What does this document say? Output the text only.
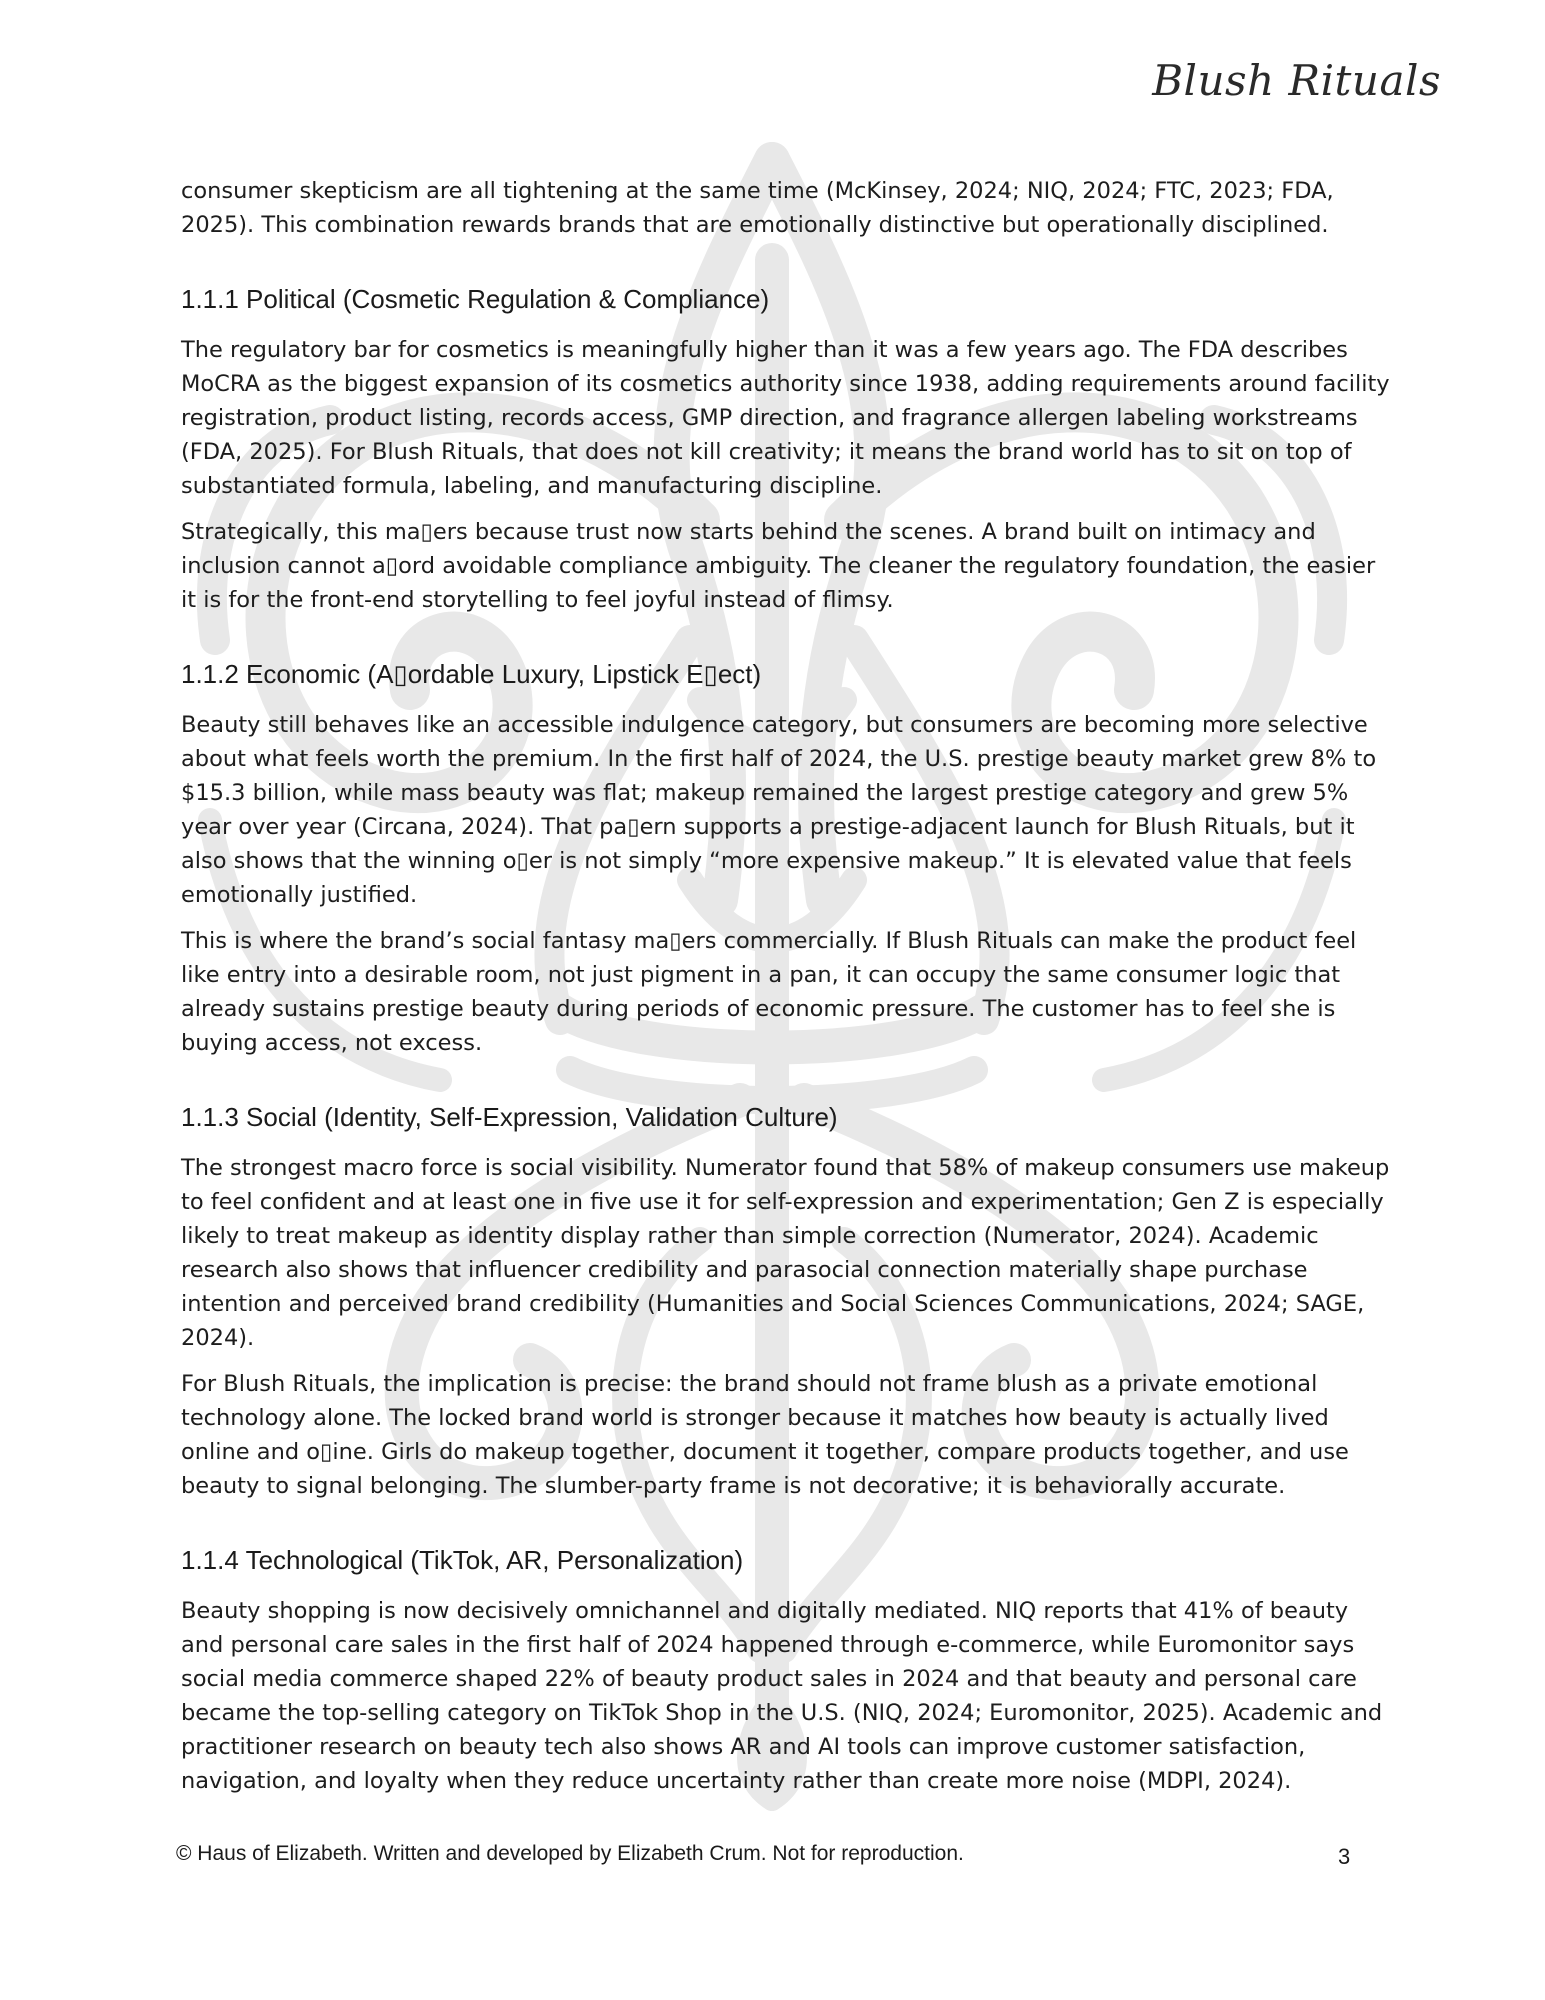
Blush Rituals

consumer skepticism are all tightening at the same time (McKinsey, 2024; NIQ, 2024; FTC, 2023; FDA, 2025). This combination rewards brands that are emotionally distinctive but operationally disciplined.

1.1.1 Political (Cosmetic Regulation & Compliance)

The regulatory bar for cosmetics is meaningfully higher than it was a few years ago. The FDA describes MoCRA as the biggest expansion of its cosmetics authority since 1938, adding requirements around facility registration, product listing, records access, GMP direction, and fragrance allergen labeling workstreams (FDA, 2025). For Blush Rituals, that does not kill creativity; it means the brand world has to sit on top of substantiated formula, labeling, and manufacturing discipline.

Strategically, this ma▯ers because trust now starts behind the scenes. A brand built on intimacy and inclusion cannot a▯ord avoidable compliance ambiguity. The cleaner the regulatory foundation, the easier it is for the front-end storytelling to feel joyful instead of flimsy.

1.1.2 Economic (A▯ordable Luxury, Lipstick E▯ect)

Beauty still behaves like an accessible indulgence category, but consumers are becoming more selective about what feels worth the premium. In the first half of 2024, the U.S. prestige beauty market grew 8% to $15.3 billion, while mass beauty was flat; makeup remained the largest prestige category and grew 5% year over year (Circana, 2024). That pa▯ern supports a prestige-adjacent launch for Blush Rituals, but it also shows that the winning o▯er is not simply “more expensive makeup.” It is elevated value that feels emotionally justified.

This is where the brand’s social fantasy ma▯ers commercially. If Blush Rituals can make the product feel like entry into a desirable room, not just pigment in a pan, it can occupy the same consumer logic that already sustains prestige beauty during periods of economic pressure. The customer has to feel she is buying access, not excess.

1.1.3 Social (Identity, Self-Expression, Validation Culture)

The strongest macro force is social visibility. Numerator found that 58% of makeup consumers use makeup to feel confident and at least one in five use it for self-expression and experimentation; Gen Z is especially likely to treat makeup as identity display rather than simple correction (Numerator, 2024). Academic research also shows that influencer credibility and parasocial connection materially shape purchase intention and perceived brand credibility (Humanities and Social Sciences Communications, 2024; SAGE, 2024).

For Blush Rituals, the implication is precise: the brand should not frame blush as a private emotional technology alone. The locked brand world is stronger because it matches how beauty is actually lived online and o▯ine. Girls do makeup together, document it together, compare products together, and use beauty to signal belonging. The slumber-party frame is not decorative; it is behaviorally accurate.

1.1.4 Technological (TikTok, AR, Personalization)

Beauty shopping is now decisively omnichannel and digitally mediated. NIQ reports that 41% of beauty and personal care sales in the first half of 2024 happened through e-commerce, while Euromonitor says social media commerce shaped 22% of beauty product sales in 2024 and that beauty and personal care became the top-selling category on TikTok Shop in the U.S. (NIQ, 2024; Euromonitor, 2025). Academic and practitioner research on beauty tech also shows AR and AI tools can improve customer satisfaction, navigation, and loyalty when they reduce uncertainty rather than create more noise (MDPI, 2024).

© Haus of Elizabeth. Written and developed by Elizabeth Crum. Not for reproduction.	3
